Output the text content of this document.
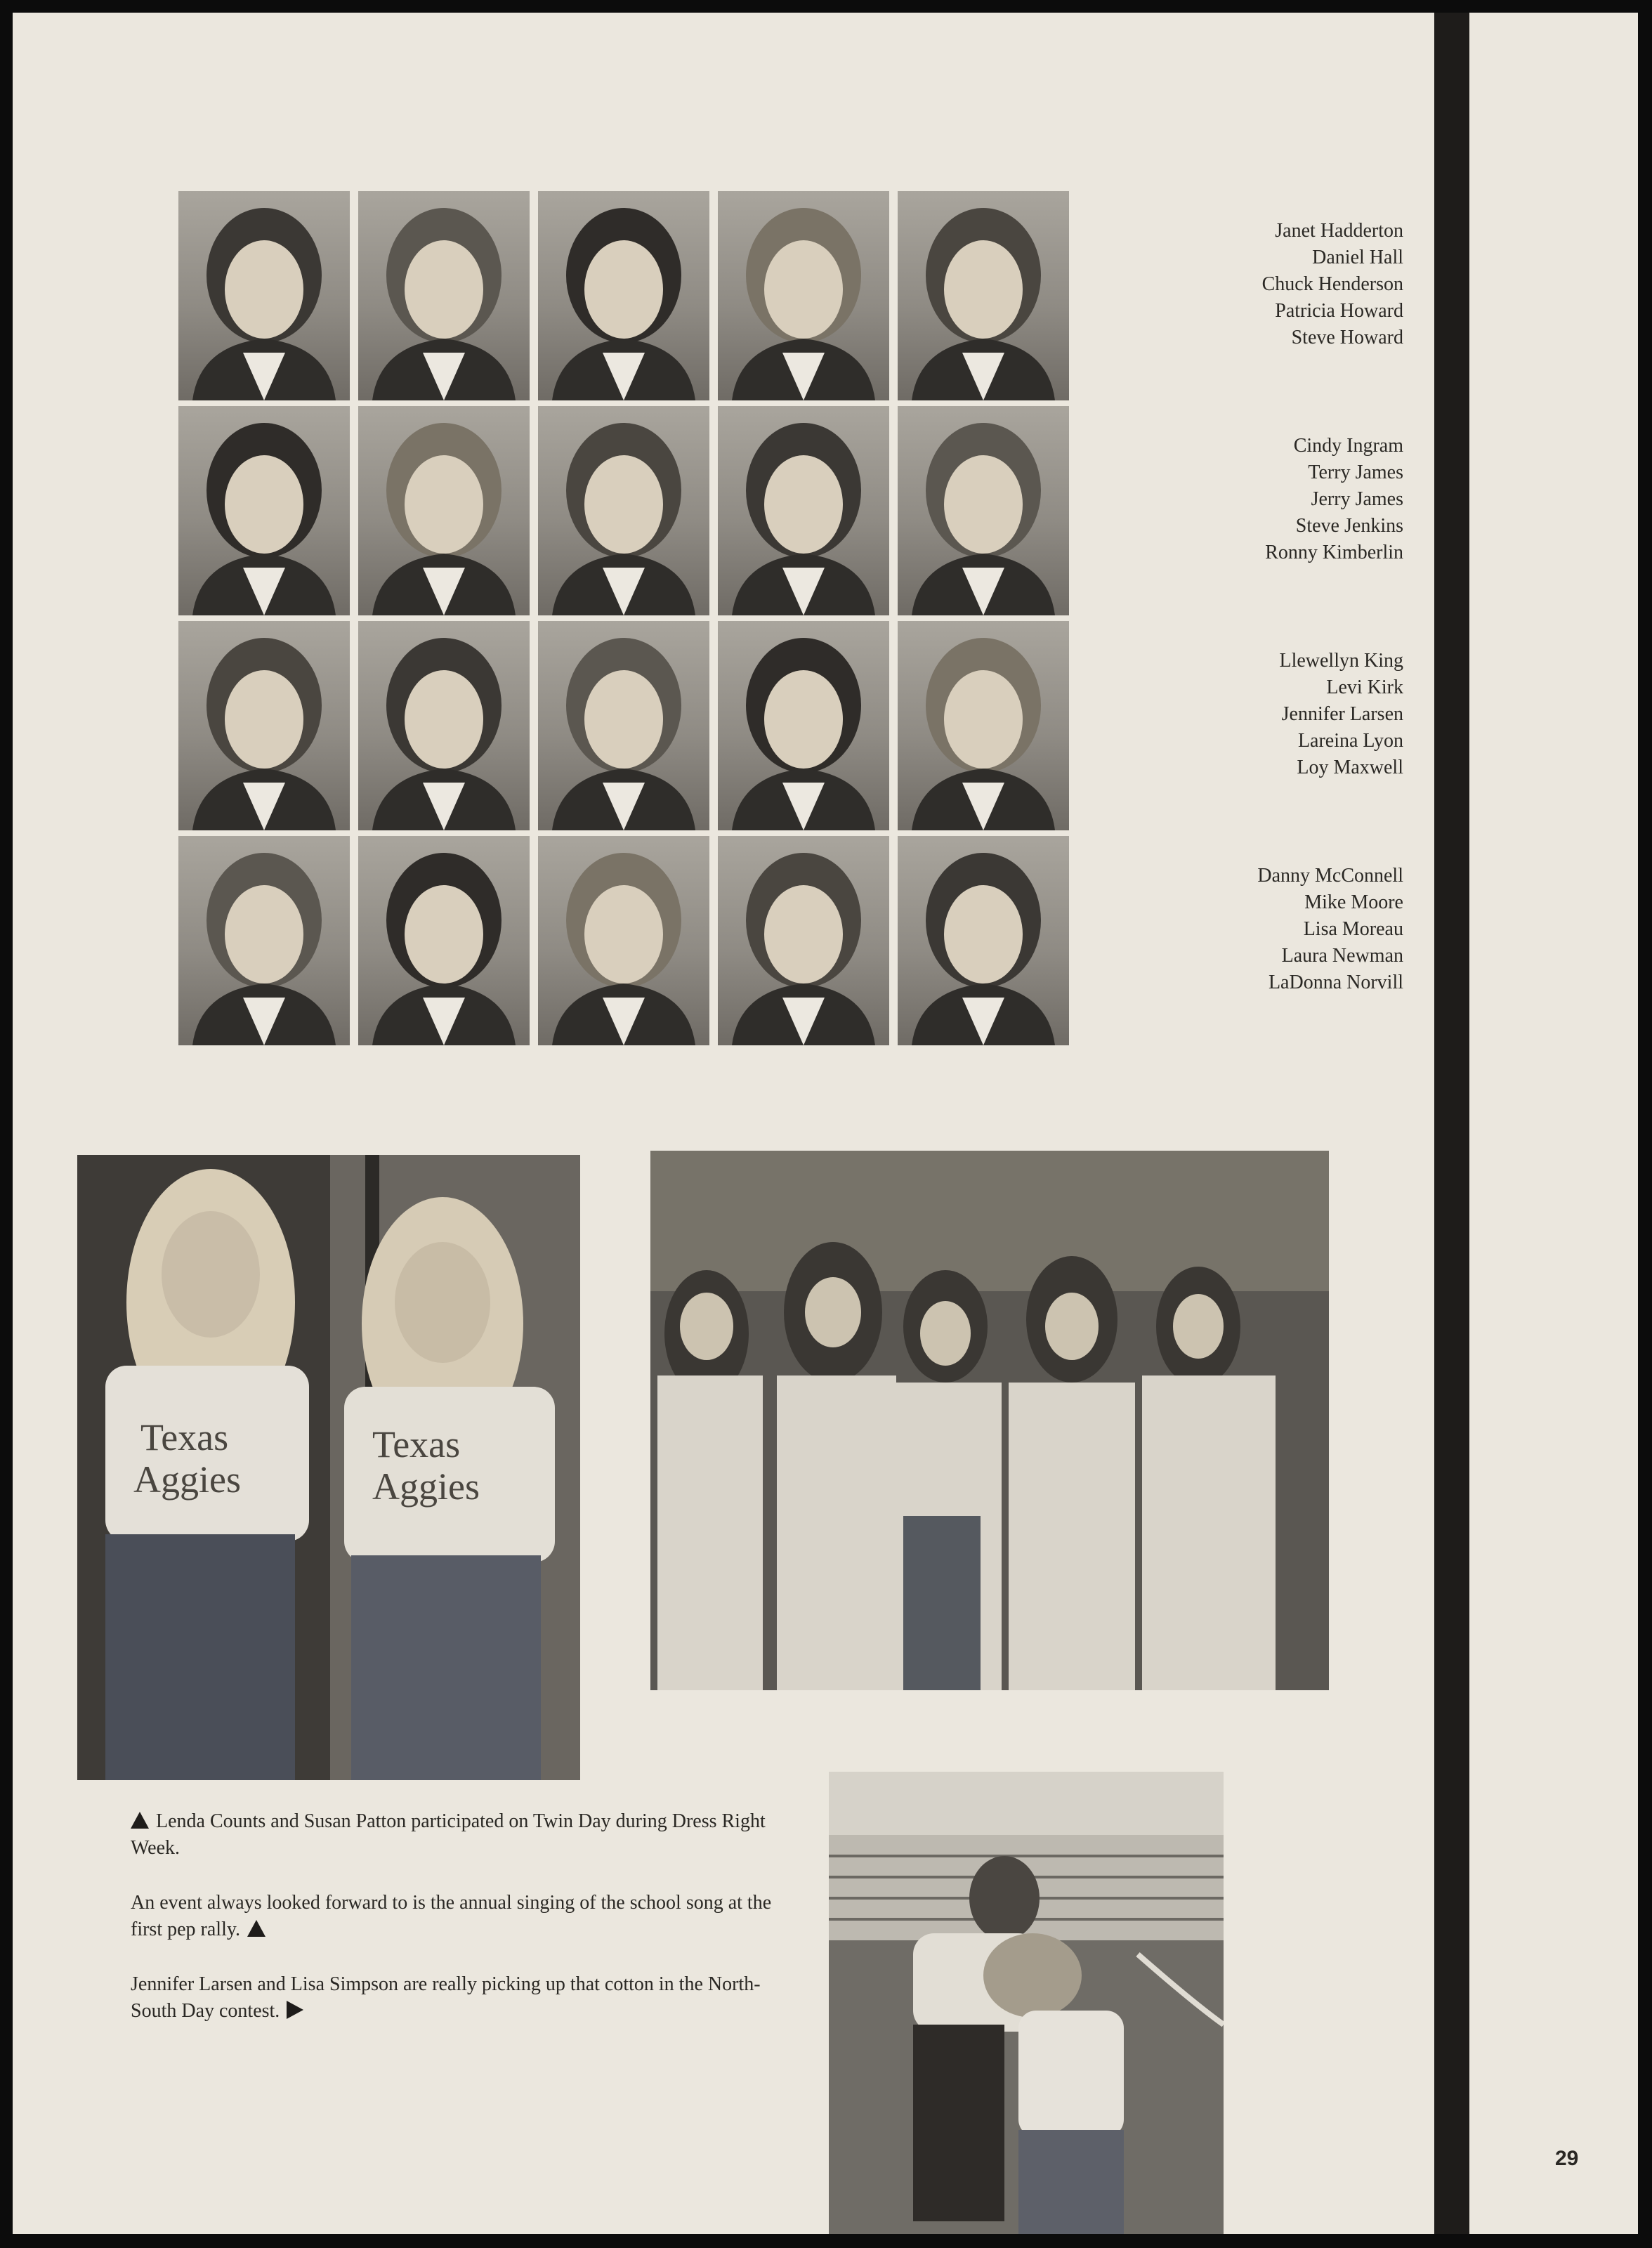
Janet Hadderton
Daniel Hall
Chuck Henderson
Patricia Howard
Steve Howard
Cindy Ingram
Terry James
Jerry James
Steve Jenkins
Ronny Kimberlin
Llewellyn King
Levi Kirk
Jennifer Larsen
Lareina Lyon
Loy Maxwell
Danny McConnell
Mike Moore
Lisa Moreau
Laura Newman
LaDonna Norvill
Texas
Aggies
Texas
Aggies

Lenda Counts and Susan Patton participated on Twin Day during Dress Right Week.

An event always looked forward to is the annual singing of the school song at the first pep rally.

Jennifer Larsen and Lisa Simpson are really picking up that cotton in the North-South Day contest.

29
